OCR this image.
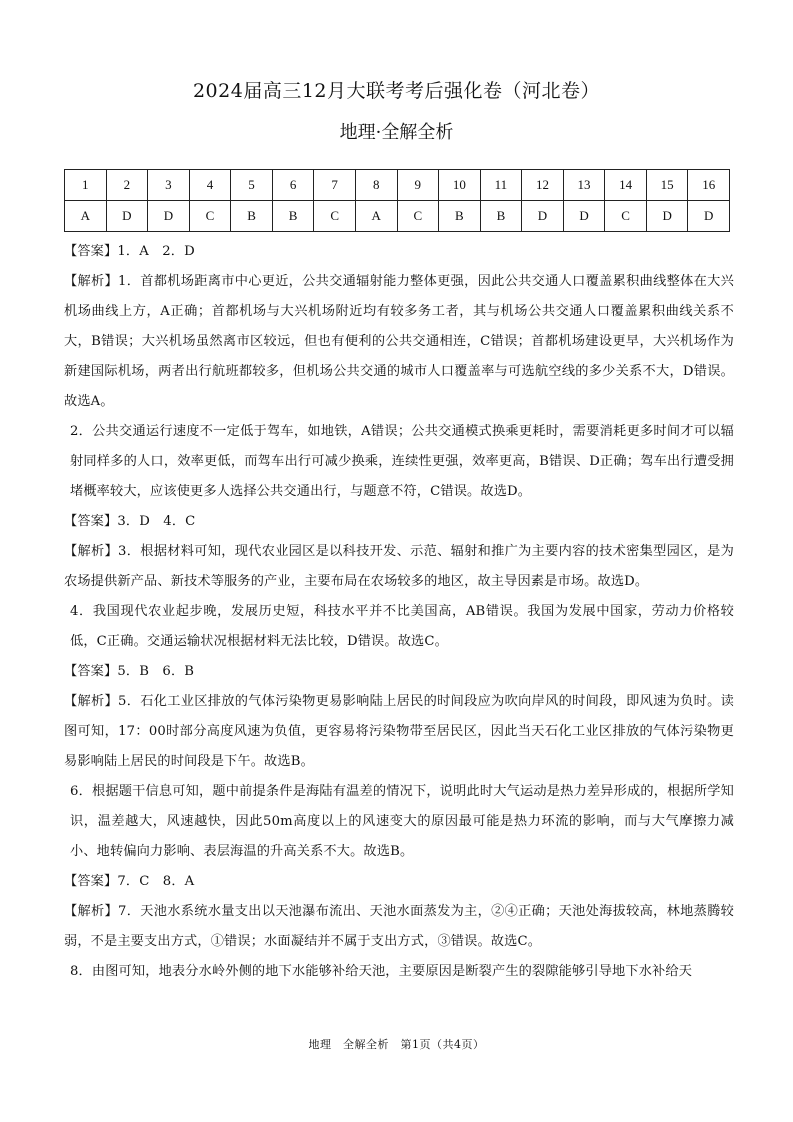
2024届高三12月大联考考后强化卷（河北卷）
地理·全解全析
1	2	3	4	5	6	7	8	9	10	11	12	13	14	15	16
A	D	D	C	B	B	C	A	C	B	B	D	D	C	D	D

【答案】1．A　2．D

【解析】1．首都机场距离市中心更近，公共交通辐射能力整体更强，因此公共交通人口覆盖累积曲线整体在大兴机场曲线上方，A正确；首都机场与大兴机场附近均有较多务工者，其与机场公共交通人口覆盖累积曲线关系不大，B错误；大兴机场虽然离市区较远，但也有便利的公共交通相连，C错误；首都机场建设更早，大兴机场作为新建国际机场，两者出行航班都较多，但机场公共交通的城市人口覆盖率与可选航空线的多少关系不大，D错误。故选A。

2．公共交通运行速度不一定低于驾车，如地铁，A错误；公共交通模式换乘更耗时，需要消耗更多时间才可以辐射同样多的人口，效率更低，而驾车出行可减少换乘，连续性更强，效率更高，B错误、D正确；驾车出行遭受拥堵概率较大，应该使更多人选择公共交通出行，与题意不符，C错误。故选D。

【答案】3．D　4．C

【解析】3．根据材料可知，现代农业园区是以科技开发、示范、辐射和推广为主要内容的技术密集型园区，是为农场提供新产品、新技术等服务的产业，主要布局在农场较多的地区，故主导因素是市场。故选D。

4．我国现代农业起步晚，发展历史短，科技水平并不比美国高，AB错误。我国为发展中国家，劳动力价格较低，C正确。交通运输状况根据材料无法比较，D错误。故选C。

【答案】5．B　6．B

【解析】5．石化工业区排放的气体污染物更易影响陆上居民的时间段应为吹向岸风的时间段，即风速为负时。读图可知，17：00时部分高度风速为负值，更容易将污染物带至居民区，因此当天石化工业区排放的气体污染物更易影响陆上居民的时间段是下午。故选B。

6．根据题干信息可知，题中前提条件是海陆有温差的情况下，说明此时大气运动是热力差异形成的，根据所学知识，温差越大，风速越快，因此50m高度以上的风速变大的原因最可能是热力环流的影响，而与大气摩擦力减小、地转偏向力影响、表层海温的升高关系不大。故选B。

【答案】7．C　8．A

【解析】7．天池水系统水量支出以天池瀑布流出、天池水面蒸发为主，②④正确；天池处海拔较高，林地蒸腾较弱，不是主要支出方式，①错误；水面凝结并不属于支出方式，③错误。故选C。

8．由图可知，地表分水岭外侧的地下水能够补给天池，主要原因是断裂产生的裂隙能够引导地下水补给天

地理　全解全析　第1页（共4页）
